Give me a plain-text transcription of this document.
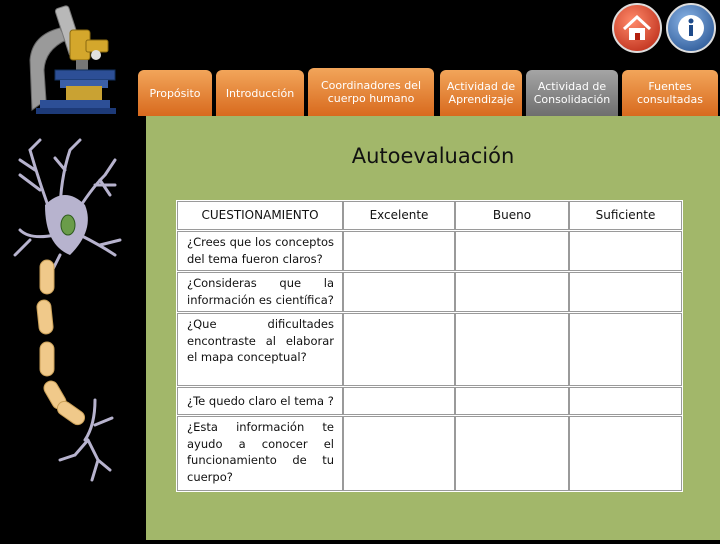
Propósito Introducción
Coordinadores del cuerpo humano
Actividad de Aprendizaje
Actividad de Consolidación
Fuentes consultadas
Autoevaluación
CUESTIONAMIENTO	Excelente	Bueno	Suficiente
¿Crees que los conceptos del tema fueron claros?
¿Consideras que la información es científica?
¿Que dificultades encontraste al elaborar el mapa conceptual?
¿Te quedo claro el tema ?
¿Esta información te ayudo a conocer el funcionamiento de tu cuerpo?
